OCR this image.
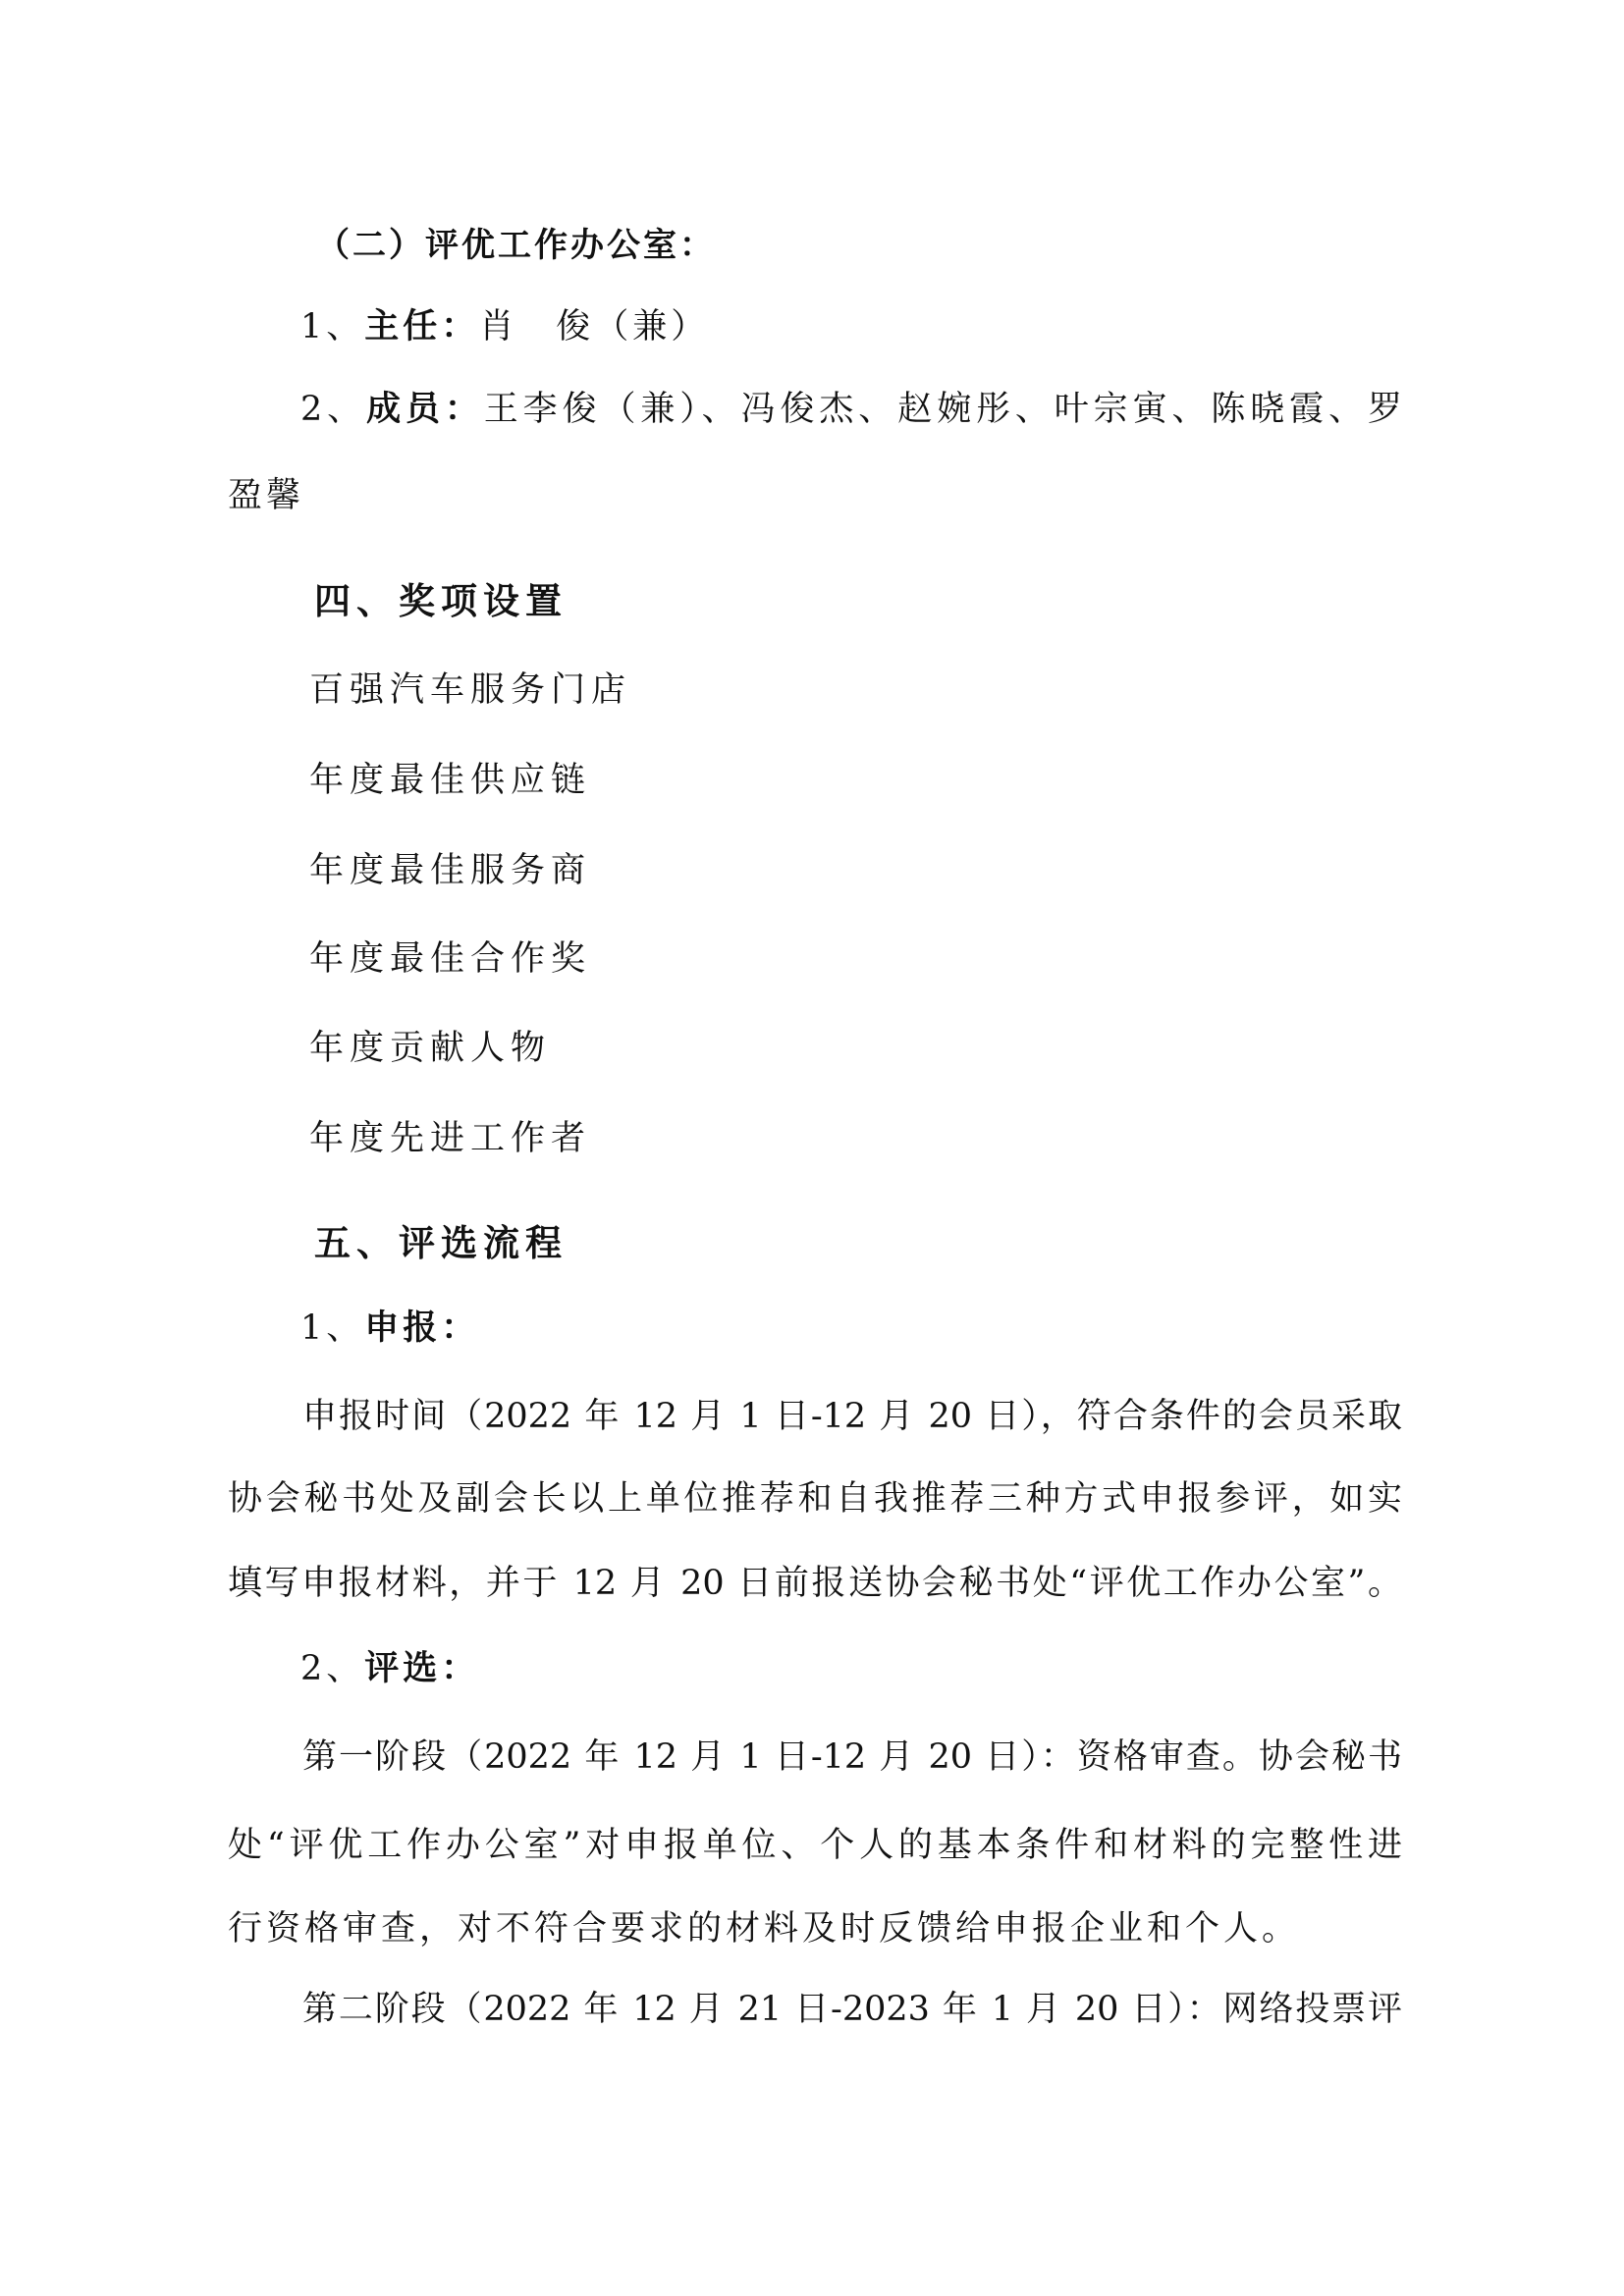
（二）评优工作办公室：
1、主任：肖　俊（兼）
2、成员：王李俊（兼）、冯俊杰、赵婉彤、叶宗寅、陈晓霞、罗
盈馨
四、奖项设置
百强汽车服务门店
年度最佳供应链
年度最佳服务商
年度最佳合作奖
年度贡献人物
年度先进工作者
五、评选流程
1、申报：
申报时间（2022 年 12 月 1 日-12 月 20 日），符合条件的会员采取
协会秘书处及副会长以上单位推荐和自我推荐三种方式申报参评，如实
填写申报材料，并于 12 月 20 日前报送协会秘书处“评优工作办公室”。
2、评选：
第一阶段（2022 年 12 月 1 日-12 月 20 日）：资格审查。协会秘书
处“评优工作办公室”对申报单位、个人的基本条件和材料的完整性进
行资格审查，对不符合要求的材料及时反馈给申报企业和个人。
第二阶段（2022 年 12 月 21 日-2023 年 1 月 20 日）：网络投票评
